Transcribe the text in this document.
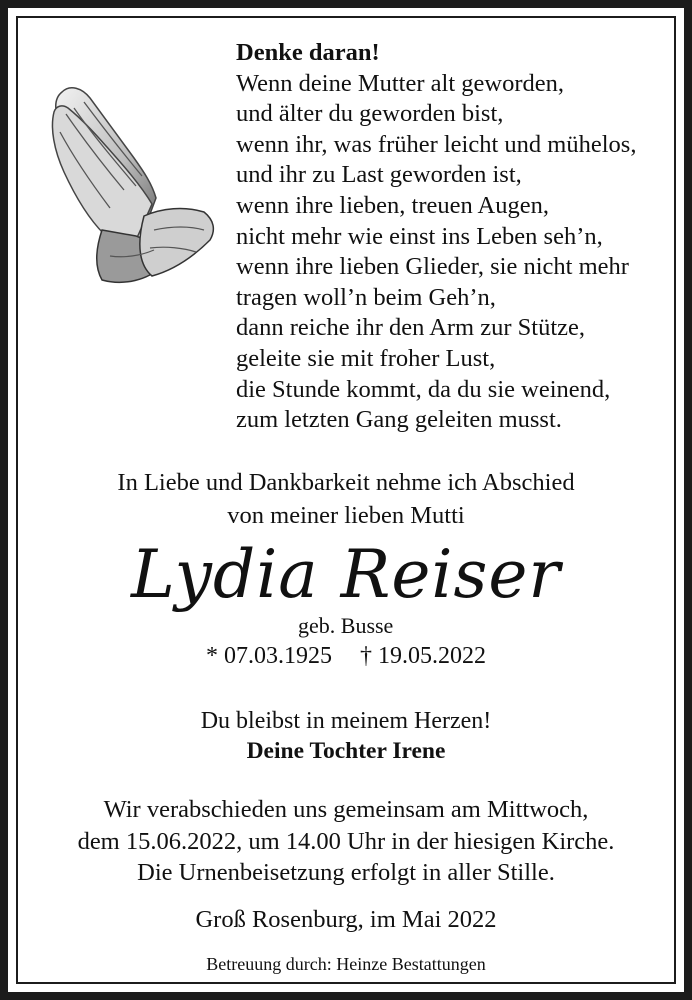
Denke daran!
Wenn deine Mutter alt geworden,
und älter du geworden bist,
wenn ihr, was früher leicht und mühelos,
und ihr zu Last geworden ist,
wenn ihre lieben, treuen Augen,
nicht mehr wie einst ins Leben seh’n,
wenn ihre lieben Glieder, sie nicht mehr
tragen woll’n beim Geh’n,
dann reiche ihr den Arm zur Stütze,
geleite sie mit froher Lust,
die Stunde kommt, da du sie weinend,
zum letzten Gang geleiten musst.
In Liebe und Dankbarkeit nehme ich Abschied
von meiner lieben Mutti
Lydia Reiser
geb. Busse
* 07.03.1925 † 19.05.2022
Du bleibst in meinem Herzen!
Deine Tochter Irene
Wir verabschieden uns gemeinsam am Mittwoch,
dem 15.06.2022, um 14.00 Uhr in der hiesigen Kirche.
Die Urnenbeisetzung erfolgt in aller Stille.
Groß Rosenburg, im Mai 2022
Betreuung durch: Heinze Bestattungen
